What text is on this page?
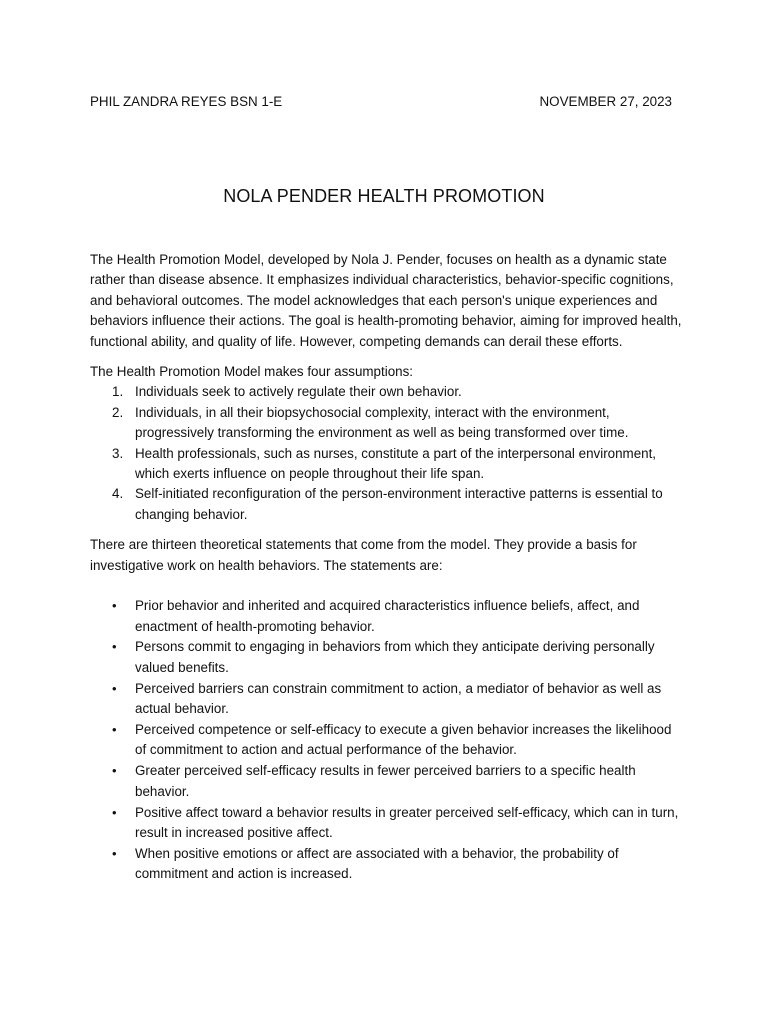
PHIL ZANDRA REYES BSN 1-E	NOVEMBER 27, 2023
NOLA PENDER HEALTH PROMOTION

The Health Promotion Model, developed by Nola J. Pender, focuses on health as a dynamic state rather than disease absence. It emphasizes individual characteristics, behavior-specific cognitions, and behavioral outcomes. The model acknowledges that each person's unique experiences and behaviors influence their actions. The goal is health-promoting behavior, aiming for improved health, functional ability, and quality of life. However, competing demands can derail these efforts.

The Health Promotion Model makes four assumptions:

1. Individuals seek to actively regulate their own behavior.
2. Individuals, in all their biopsychosocial complexity, interact with the environment, progressively transforming the environment as well as being transformed over time.
3. Health professionals, such as nurses, constitute a part of the interpersonal environment, which exerts influence on people throughout their life span.
4. Self-initiated reconfiguration of the person-environment interactive patterns is essential to changing behavior.

There are thirteen theoretical statements that come from the model. They provide a basis for investigative work on health behaviors. The statements are:

• Prior behavior and inherited and acquired characteristics influence beliefs, affect, and enactment of health-promoting behavior.
• Persons commit to engaging in behaviors from which they anticipate deriving personally valued benefits.
• Perceived barriers can constrain commitment to action, a mediator of behavior as well as actual behavior.
• Perceived competence or self-efficacy to execute a given behavior increases the likelihood of commitment to action and actual performance of the behavior.
• Greater perceived self-efficacy results in fewer perceived barriers to a specific health behavior.
• Positive affect toward a behavior results in greater perceived self-efficacy, which can in turn, result in increased positive affect.
• When positive emotions or affect are associated with a behavior, the probability of commitment and action is increased.
